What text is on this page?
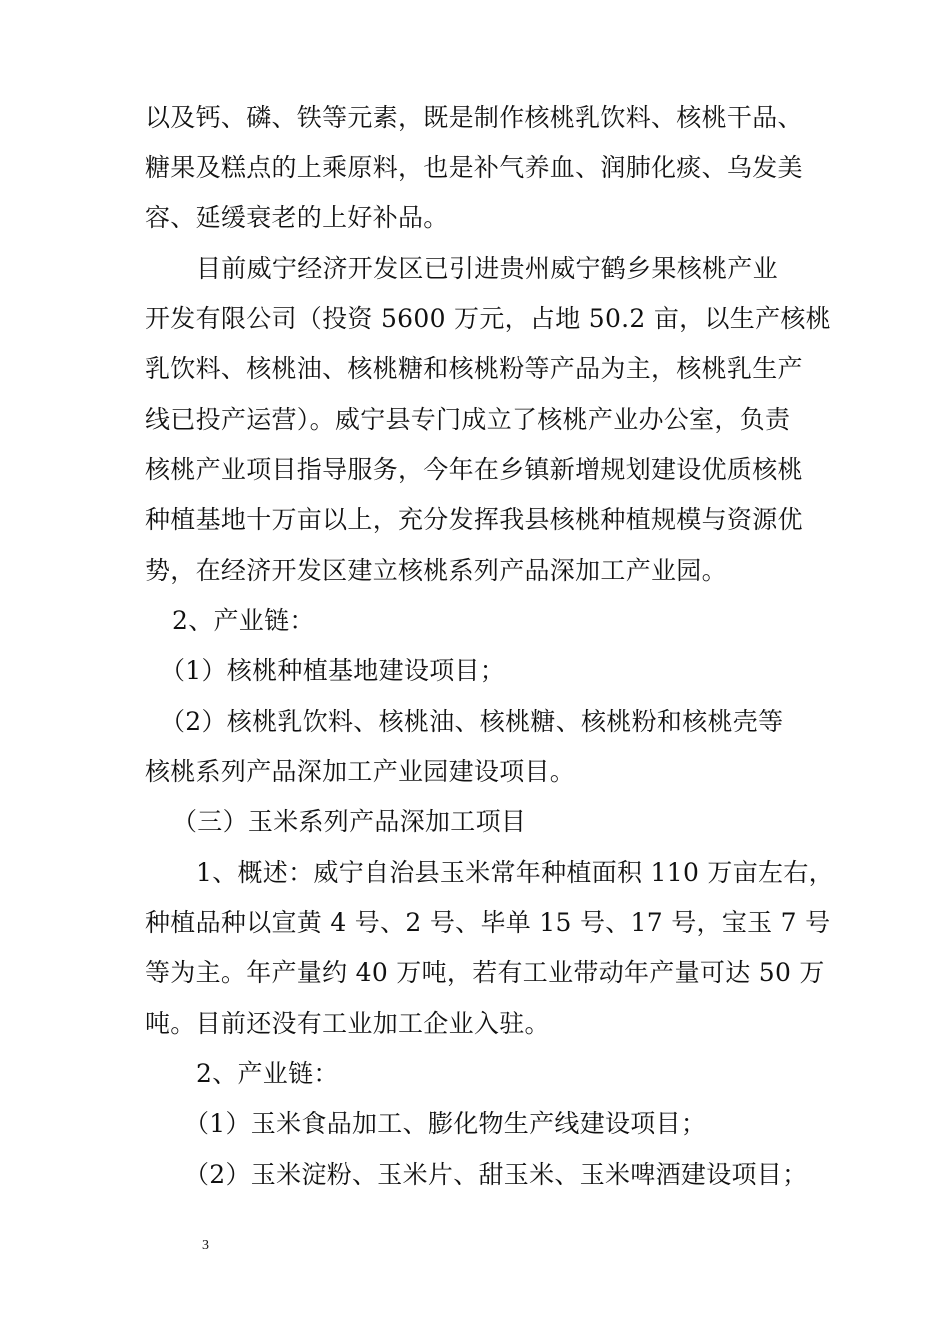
以及钙、磷、铁等元素，既是制作核桃乳饮料、核桃干品、
糖果及糕点的上乘原料，也是补气养血、润肺化痰、乌发美
容、延缓衰老的上好补品。
目前威宁经济开发区已引进贵州威宁鹤乡果核桃产业
开发有限公司（投资 5600 万元，占地 50.2 亩，以生产核桃
乳饮料、核桃油、核桃糖和核桃粉等产品为主，核桃乳生产
线已投产运营）。威宁县专门成立了核桃产业办公室，负责
核桃产业项目指导服务，今年在乡镇新增规划建设优质核桃
种植基地十万亩以上，充分发挥我县核桃种植规模与资源优
势，在经济开发区建立核桃系列产品深加工产业园。
2、产业链：
（1）核桃种植基地建设项目；
（2）核桃乳饮料、核桃油、核桃糖、核桃粉和核桃壳等
核桃系列产品深加工产业园建设项目。
（三）玉米系列产品深加工项目
1、概述：威宁自治县玉米常年种植面积 110 万亩左右，
种植品种以宣黄 4 号、2 号、毕单 15 号、17 号，宝玉 7 号
等为主。年产量约 40 万吨，若有工业带动年产量可达 50 万
吨。目前还没有工业加工企业入驻。
2、产业链：
（1）玉米食品加工、膨化物生产线建设项目；
（2）玉米淀粉、玉米片、甜玉米、玉米啤酒建设项目；
3
